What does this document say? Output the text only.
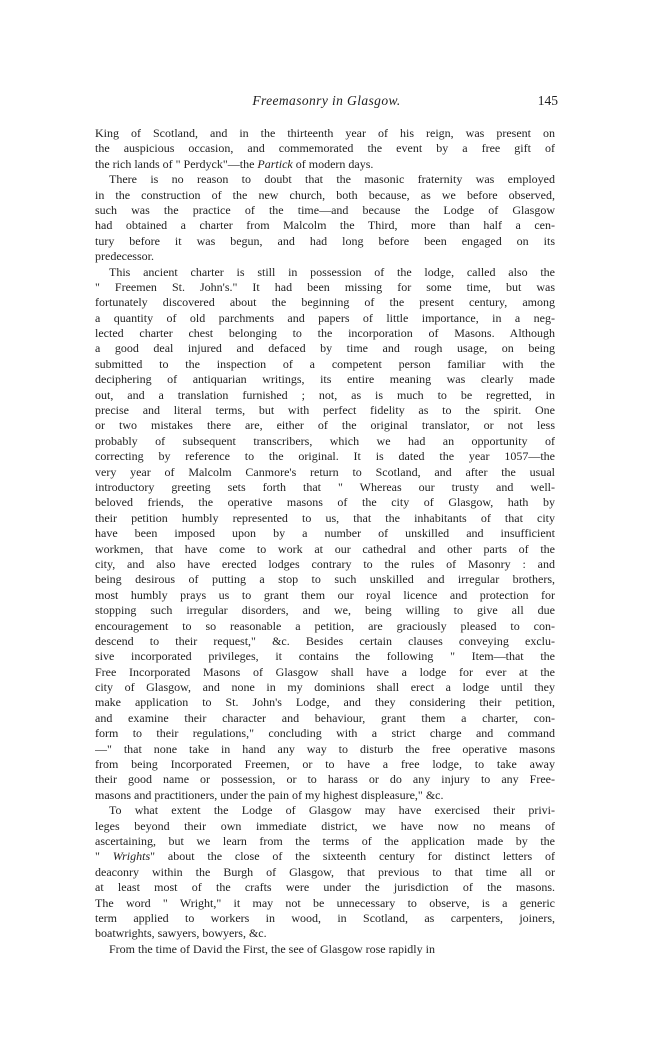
Freemasonry in Glasgow.	145
King of Scotland, and in the thirteenth year of his reign, was present on
the auspicious occasion, and commemorated the event by a free gift of
the rich lands of " Perdyck"—the Partick of modern days.
There is no reason to doubt that the masonic fraternity was employed
in the construction of the new church, both because, as we before observed,
such was the practice of the time—and because the Lodge of Glasgow
had obtained a charter from Malcolm the Third, more than half a cen-
tury before it was begun, and had long before been engaged on its
predecessor.
This ancient charter is still in possession of the lodge, called also the
" Freemen St. John's." It had been missing for some time, but was
fortunately discovered about the beginning of the present century, among
a quantity of old parchments and papers of little importance, in a neg-
lected charter chest belonging to the incorporation of Masons. Although
a good deal injured and defaced by time and rough usage, on being
submitted to the inspection of a competent person familiar with the
deciphering of antiquarian writings, its entire meaning was clearly made
out, and a translation furnished ; not, as is much to be regretted, in
precise and literal terms, but with perfect fidelity as to the spirit. One
or two mistakes there are, either of the original translator, or not less
probably of subsequent transcribers, which we had an opportunity of
correcting by reference to the original. It is dated the year 1057—the
very year of Malcolm Canmore's return to Scotland, and after the usual
introductory greeting sets forth that " Whereas our trusty and well-
beloved friends, the operative masons of the city of Glasgow, hath by
their petition humbly represented to us, that the inhabitants of that city
have been imposed upon by a number of unskilled and insufficient
workmen, that have come to work at our cathedral and other parts of the
city, and also have erected lodges contrary to the rules of Masonry : and
being desirous of putting a stop to such unskilled and irregular brothers,
most humbly prays us to grant them our royal licence and protection for
stopping such irregular disorders, and we, being willing to give all due
encouragement to so reasonable a petition, are graciously pleased to con-
descend to their request," &c. Besides certain clauses conveying exclu-
sive incorporated privileges, it contains the following " Item—that the
Free Incorporated Masons of Glasgow shall have a lodge for ever at the
city of Glasgow, and none in my dominions shall erect a lodge until they
make application to St. John's Lodge, and they considering their petition,
and examine their character and behaviour, grant them a charter, con-
form to their regulations," concluding with a strict charge and command
—" that none take in hand any way to disturb the free operative masons
from being Incorporated Freemen, or to have a free lodge, to take away
their good name or possession, or to harass or do any injury to any Free-
masons and practitioners, under the pain of my highest displeasure," &c.
To what extent the Lodge of Glasgow may have exercised their privi-
leges beyond their own immediate district, we have now no means of
ascertaining, but we learn from the terms of the application made by the
" Wrights" about the close of the sixteenth century for distinct letters of
deaconry within the Burgh of Glasgow, that previous to that time all or
at least most of the crafts were under the jurisdiction of the masons.
The word " Wright," it may not be unnecessary to observe, is a generic
term applied to workers in wood, in Scotland, as carpenters, joiners,
boatwrights, sawyers, bowyers, &c.
From the time of David the First, the see of Glasgow rose rapidly in
